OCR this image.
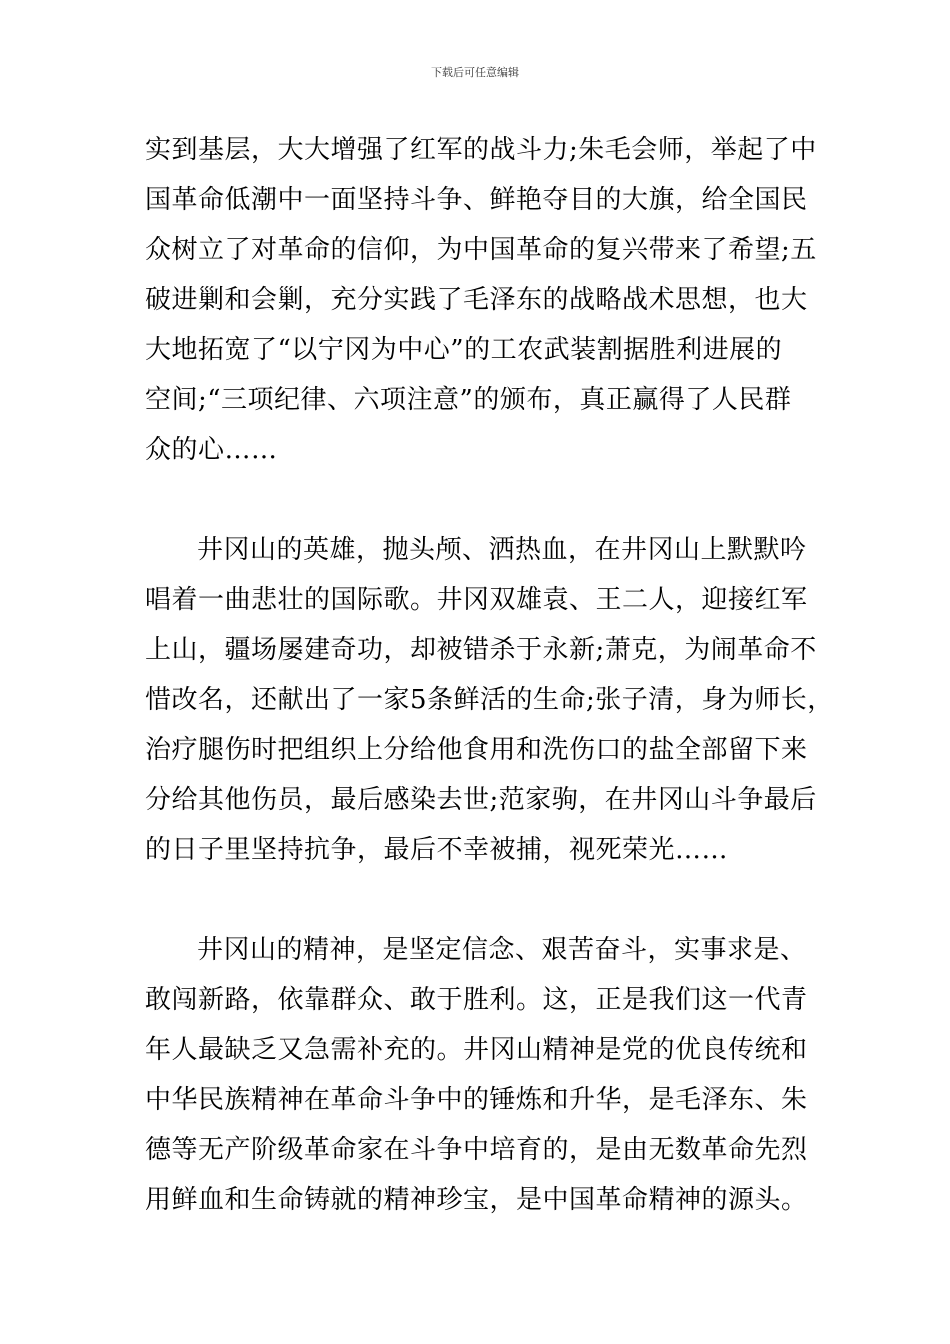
下载后可任意编辑
实到基层，大大增强了红军的战斗力;朱毛会师，举起了中
国革命低潮中一面坚持斗争、鲜艳夺目的大旗，给全国民
众树立了对革命的信仰，为中国革命的复兴带来了希望;五
破进剿和会剿，充分实践了毛泽东的战略战术思想，也大
大地拓宽了“以宁冈为中心”的工农武装割据胜利进展的
空间;“三项纪律、六项注意”的颁布，真正赢得了人民群
众的心……
井冈山的英雄，抛头颅、洒热血，在井冈山上默默吟
唱着一曲悲壮的国际歌。井冈双雄袁、王二人，迎接红军
上山，疆场屡建奇功，却被错杀于永新;萧克，为闹革命不
惜改名，还献出了一家5条鲜活的生命;张子清，身为师长，
治疗腿伤时把组织上分给他食用和洗伤口的盐全部留下来
分给其他伤员，最后感染去世;范家驹，在井冈山斗争最后
的日子里坚持抗争，最后不幸被捕，视死荣光……
井冈山的精神，是坚定信念、艰苦奋斗，实事求是、
敢闯新路，依靠群众、敢于胜利。这，正是我们这一代青
年人最缺乏又急需补充的。井冈山精神是党的优良传统和
中华民族精神在革命斗争中的锤炼和升华，是毛泽东、朱
德等无产阶级革命家在斗争中培育的，是由无数革命先烈
用鲜血和生命铸就的精神珍宝，是中国革命精神的源头。
